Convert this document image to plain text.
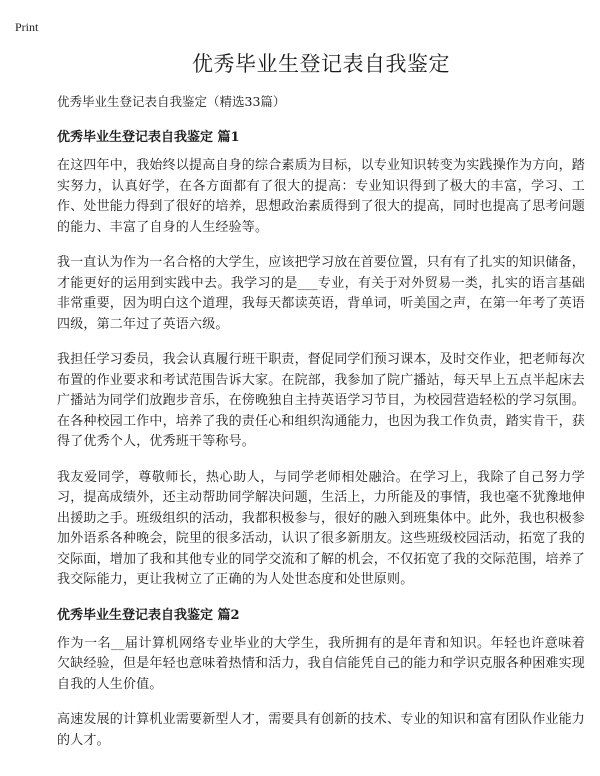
Print
优秀毕业生登记表自我鉴定
优秀毕业生登记表自我鉴定（精选33篇）
优秀毕业生登记表自我鉴定 篇1

在这四年中，我始终以提高自身的综合素质为目标，以专业知识转变为实践操作为方向，踏实努力，认真好学，在各方面都有了很大的提高：专业知识得到了极大的丰富，学习、工作、处世能力得到了很好的培养，思想政治素质得到了很大的提高，同时也提高了思考问题的能力、丰富了自身的人生经验等。

我一直认为作为一名合格的大学生，应该把学习放在首要位置，只有有了扎实的知识储备，才能更好的运用到实践中去。我学习的是___专业，有关于对外贸易一类，扎实的语言基础非常重要，因为明白这个道理，我每天都读英语，背单词，听美国之声，在第一年考了英语四级，第二年过了英语六级。

我担任学习委员，我会认真履行班干职责，督促同学们预习课本，及时交作业，把老师每次布置的作业要求和考试范围告诉大家。在院部，我参加了院广播站，每天早上五点半起床去广播站为同学们放跑步音乐，在傍晚独自主持英语学习节目，为校园营造轻松的学习氛围。在各种校园工作中，培养了我的责任心和组织沟通能力，也因为我工作负责，踏实肯干，获得了优秀个人，优秀班干等称号。

我友爱同学，尊敬师长，热心助人，与同学老师相处融洽。在学习上，我除了自己努力学习，提高成绩外，还主动帮助同学解决问题，生活上，力所能及的事情，我也毫不犹豫地伸出援助之手。班级组织的活动，我都积极参与，很好的融入到班集体中。此外，我也积极参加外语系各种晚会，院里的很多活动，认识了很多新朋友。这些班级校园活动，拓宽了我的交际面，增加了我和其他专业的同学交流和了解的机会，不仅拓宽了我的交际范围，培养了我交际能力，更让我树立了正确的为人处世态度和处世原则。

优秀毕业生登记表自我鉴定 篇2

作为一名__届计算机网络专业毕业的大学生，我所拥有的是年青和知识。年轻也许意味着欠缺经验，但是年轻也意味着热情和活力，我自信能凭自己的能力和学识克服各种困难实现自我的人生价值。

高速发展的计算机业需要新型人才，需要具有创新的技术、专业的知识和富有团队作业能力的人才。
